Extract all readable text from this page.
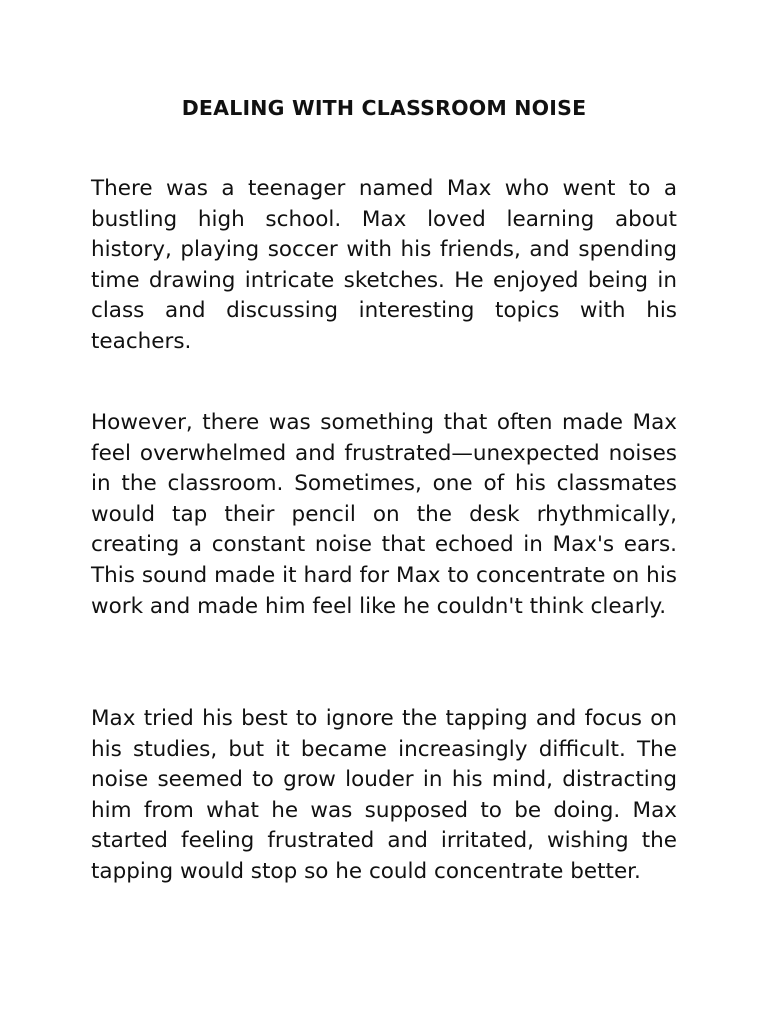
DEALING WITH CLASSROOM NOISE

There was a teenager named Max who went to a bustling high school. Max loved learning about history, playing soccer with his friends, and spending time drawing intricate sketches. He enjoyed being in class and discussing interesting topics with his teachers.

However, there was something that often made Max feel overwhelmed and frustrated—unexpected noises in the classroom. Sometimes, one of his classmates would tap their pencil on the desk rhythmically, creating a constant noise that echoed in Max's ears. This sound made it hard for Max to concentrate on his work and made him feel like he couldn't think clearly.

Max tried his best to ignore the tapping and focus on his studies, but it became increasingly difficult. The noise seemed to grow louder in his mind, distracting him from what he was supposed to be doing. Max started feeling frustrated and irritated, wishing the tapping would stop so he could concentrate better.
